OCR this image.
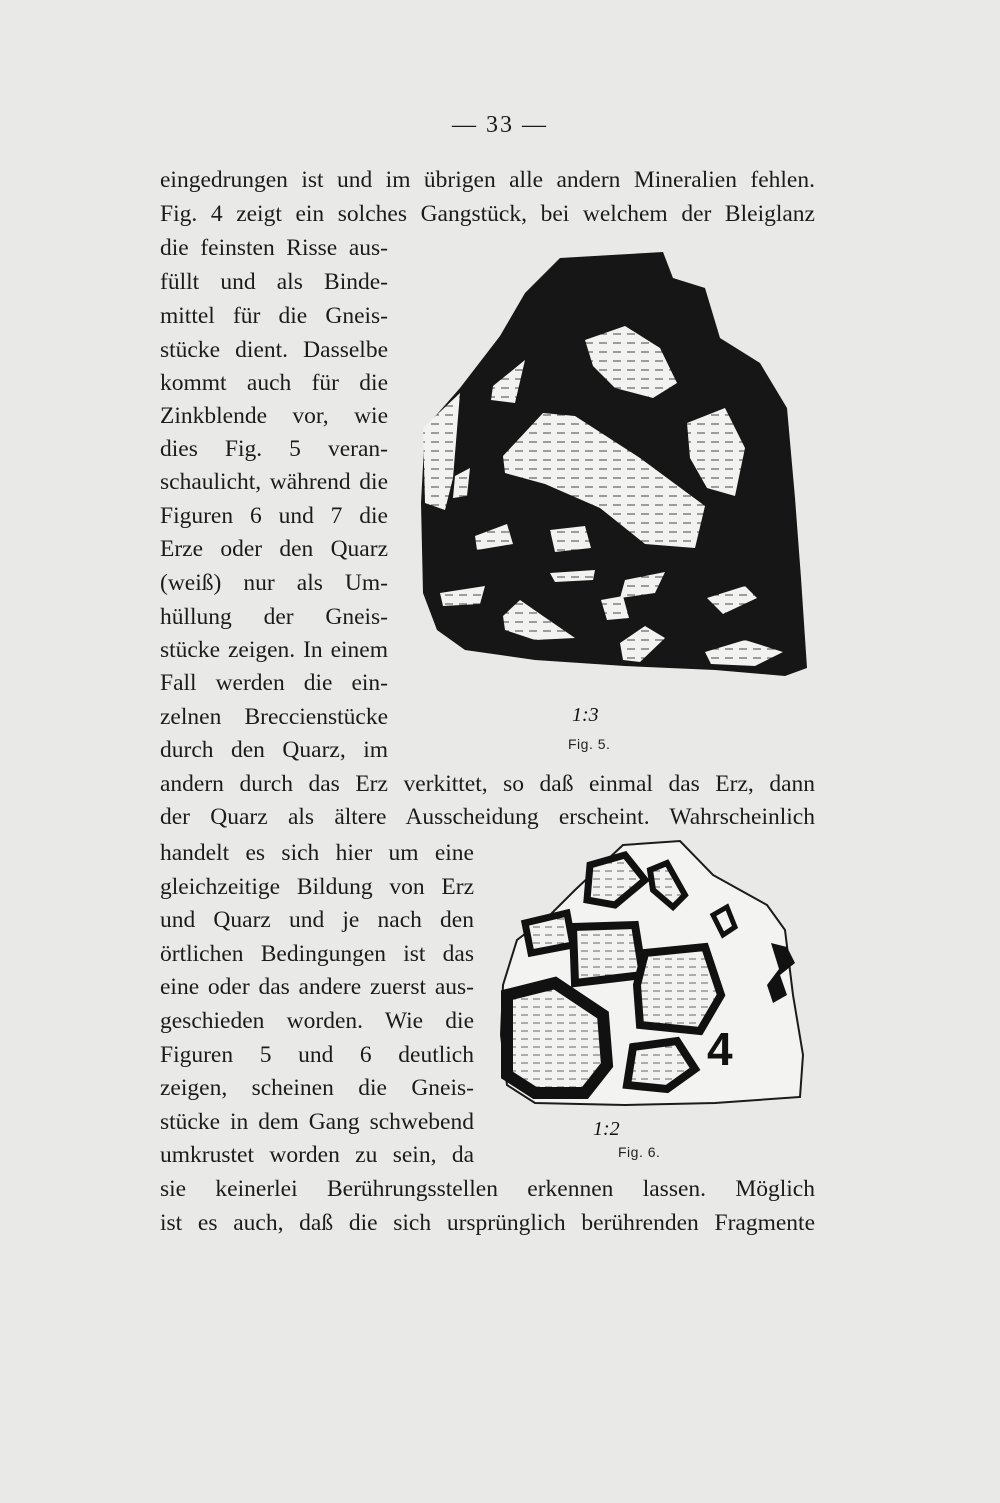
— 33 —
eingedrungen ist und im übrigen alle andern Mineralien fehlen.
Fig. 4 zeigt ein solches Gangstück, bei welchem der Bleiglanz
die feinsten Risse aus-
füllt und als Binde-
mittel für die Gneis-
stücke dient. Dasselbe
kommt auch für die
Zinkblende vor, wie
dies Fig. 5 veran-
schaulicht, während die
Figuren 6 und 7 die
Erze oder den Quarz
(weiß) nur als Um-
hüllung der Gneis-
stücke zeigen. In einem
Fall werden die ein-
zelnen Breccienstücke
durch den Quarz, im
andern durch das Erz verkittet, so daß einmal das Erz, dann
der Quarz als ältere Ausscheidung erscheint. Wahrscheinlich
handelt es sich hier um eine
gleichzeitige Bildung von Erz
und Quarz und je nach den
örtlichen Bedingungen ist das
eine oder das andere zuerst aus-
geschieden worden. Wie die
Figuren 5 und 6 deutlich
zeigen, scheinen die Gneis-
stücke in dem Gang schwebend
umkrustet worden zu sein, da
sie keinerlei Berührungsstellen erkennen lassen. Möglich
ist es auch, daß die sich ursprünglich berührenden Fragmente
1:3
Fig. 5.
4
1:2
Fig. 6.
